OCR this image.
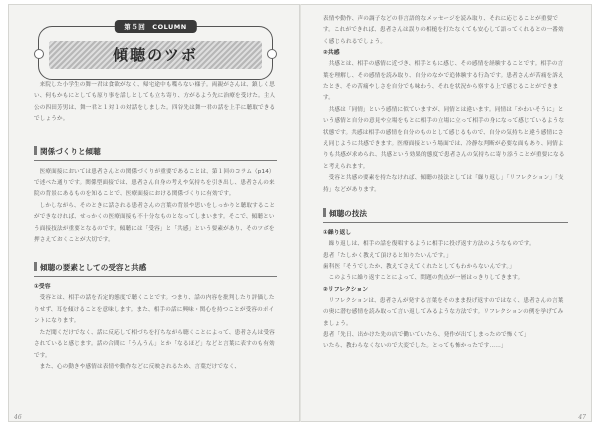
第５回　COLUMN
傾聴のツボ

来院した小学生の舞一君は食欲がなく、帰宅途中も喋らない様子。両親がさんは、鎮しく思い、何もかもにとしても原り事を話しとしても立ち寄り、方がるよう先に治療を受けた。主人公の四田芳男は、舞一君と１対１の対話をしました。四谷先は舞一君の話を上手に聴取できるでしょうか。

関係づくりと傾聴

医療面接においては患者さんとの関係づくりが重要であることは、第１回のコラム（p14）で述べた通りです。関係型面接では、患者さん自身の考えや気持ちを引き出し、患者さんの来院の背景にあるものを知ることで、医療面接における関係づくりに有効です。

しかしながら、そのときに話される患者さんの言葉の背景や思いをしっかりと聴取することができなければ、せっかくの医療面接も不十分なものとなってしまいます。そこで、傾聴という面接技法が重要となるのです。傾聴には「受容」と「共感」という要素があり、そのツボを押さえておくことが大切です。

傾聴の要素としての受容と共感
①受容

受容とは、相手の話を否定的態度で聴くことです。つまり、話の内容を批判したり評価したりせず、耳を傾けることを意味します。また、相手の話に興味・関心を持つことが受容のポイントになります。

ただ聞くだけでなく、話に反応して相づちを打ちながら聴くことによって、患者さんは受容されていると感じます。話の合間に「うんうん」とか「なるほど」などと言葉に表すのも有効です。

また、心の動きや感情は表情や動作などに反映されるため、言葉だけでなく、

46

表情や動作、声の調子などの非言語的なメッセージを読み取り、それに応じることが重要です。これができれば、患者さんは誤りの相槌を打たなくても安心して語ってくれるとの一番効く感じられるでしょう。

②共感

共感とは、相手の感情に近づき、相手ともに感じ、その感情を経験することです。相手の言葉を理解し、その感情を読み取り、自分のなかで追体験する行為です。患者さんが苦痛を訴えたとき、その苦痛やしさを自分でも味わう、それを状況から察する上で感じることができます。

共感は「同情」という感情に似ていますが、同情とは違います。同情は「かわいそうに」という感情と自分の意見や立場をもとに相手の立場に立って相手の身になって感じているような状態です。共感は相手の感情を自分のものとして感じるもので、自分の気持ちと違う感情にさえ同じように共感できます。医療面接という場面では、冷静な判断が必要な面もあり、同情よりも共感が求められ、共感という効果的態度で患者さんの気持ちに寄り添うことが重要になると考えられます。

受容と共感の要素を持たなければ、傾聴の技法としては「繰り返し」「リフレクション」「支持」などがあります。

傾聴の技法
①繰り返し

繰り返しは、相手の話を復唱するように相手に投げ返す方法のようなものです。

患者「たしかく教えて頂けると知りたいんです。」

歯科医「そうでしたか、教えてさえてくれたとしてもわからないんです。」

このように繰り返すことによって、問題の焦点が一層はっきりしてきます。

②リフレクション

リフレクションは、患者さんが発する言葉をそのまま投げ返すのではなく、患者さんの言葉の奥に潜む感情を読み取って言い返してみるような方法です。リフレクションの例を挙げてみましょう。

患者「先日、出かけた先の店で働いていたら、発作が出てしまったので怖くて」

いたら、教わらなくないので大変でした。とっても怖かったです……」

47
